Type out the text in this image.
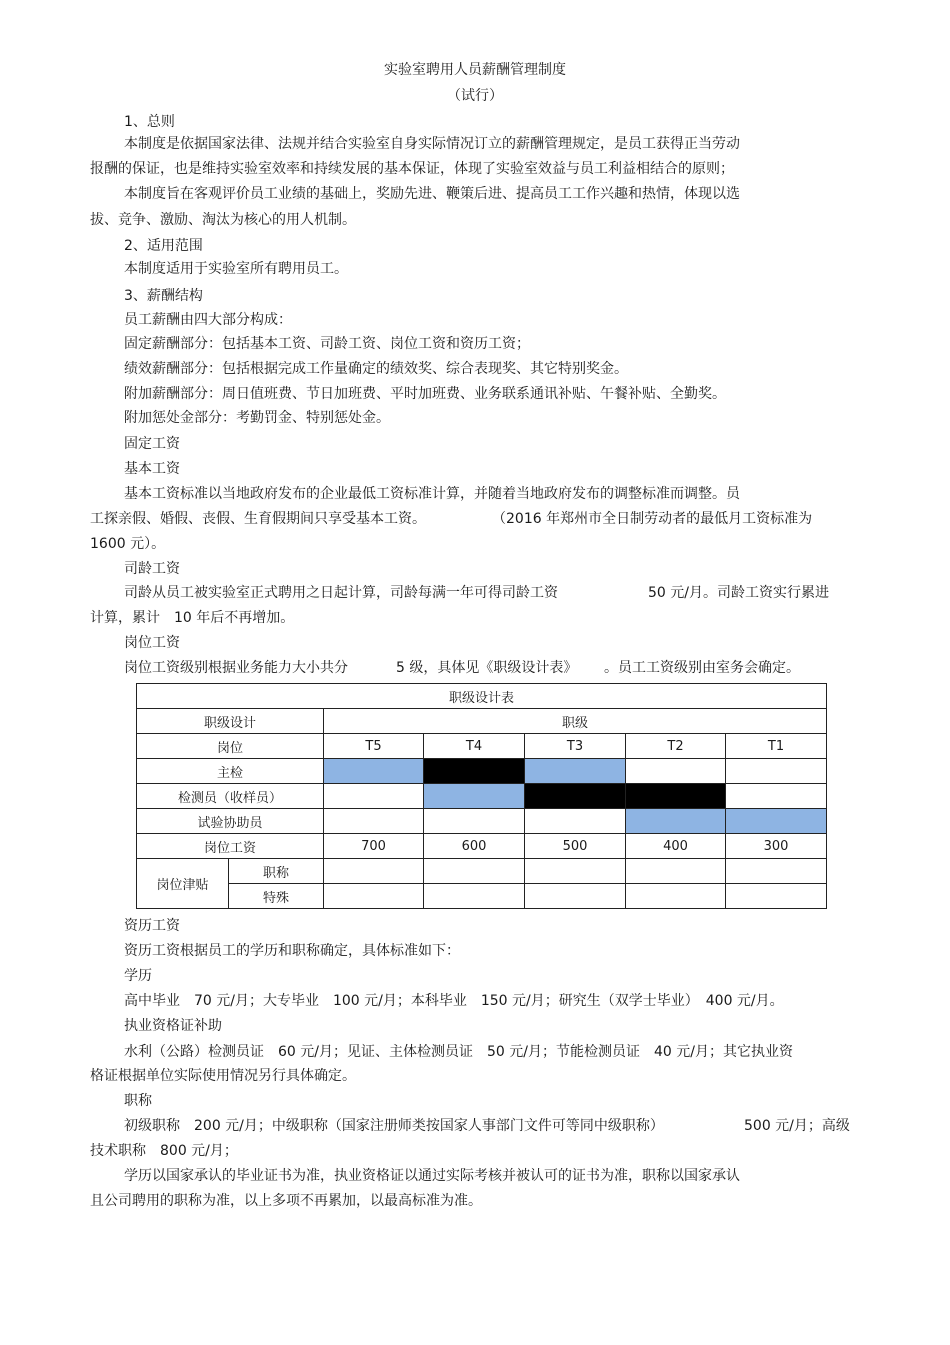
实验室聘用人员薪酬管理制度
（试行）
1、总则
本制度是依据国家法律、法规并结合实验室自身实际情况订立的薪酬管理规定，是员工获得正当劳动
报酬的保证，也是维持实验室效率和持续发展的基本保证，体现了实验室效益与员工利益相结合的原则；
本制度旨在客观评价员工业绩的基础上，奖励先进、鞭策后进、提高员工工作兴趣和热情，体现以选
拔、竞争、激励、淘汰为核心的用人机制。
2、适用范围
本制度适用于实验室所有聘用员工。
3、薪酬结构
员工薪酬由四大部分构成：
固定薪酬部分：包括基本工资、司龄工资、岗位工资和资历工资；
绩效薪酬部分：包括根据完成工作量确定的绩效奖、综合表现奖、其它特别奖金。
附加薪酬部分：周日值班费、节日加班费、平时加班费、业务联系通讯补贴、午餐补贴、全勤奖。
附加惩处金部分：考勤罚金、特别惩处金。
固定工资
基本工资
基本工资标准以当地政府发布的企业最低工资标准计算，并随着当地政府发布的调整标准而调整。员
工探亲假、婚假、丧假、生育假期间只享受基本工资。	（2016 年郑州市全日制劳动者的最低月工资标准为
1600 元）。
司龄工资
司龄从员工被实验室正式聘用之日起计算，司龄每满一年可得司龄工资	50 元/月。司龄工资实行累进
计算，累计　10 年后不再增加。
岗位工资
岗位工资级别根据业务能力大小共分	5 级，具体见《职级设计表》 。员工工资级别由室务会确定。
职级设计表						
职级设计		职级				
岗位		T5	T4	T3	T2	T1
主检						
检测员（收样员）						
试验协助员						
岗位工资		700	600	500	400	300
岗位津贴	职称					
	特殊					
资历工资
资历工资根据员工的学历和职称确定，具体标准如下：
学历
高中毕业　70 元/月；大专毕业　100 元/月；本科毕业　150 元/月；研究生（双学士毕业）　400 元/月。
执业资格证补助
水利（公路）检测员证　60 元/月；见证、主体检测员证　50 元/月；节能检测员证　40 元/月；其它执业资
格证根据单位实际使用情况另行具体确定。
职称
初级职称　200 元/月；中级职称（国家注册师类按国家人事部门文件可等同中级职称）	500 元/月；高级
技术职称　800 元/月；
学历以国家承认的毕业证书为准，执业资格证以通过实际考核并被认可的证书为准，职称以国家承认
且公司聘用的职称为准，以上多项不再累加，以最高标准为准。
